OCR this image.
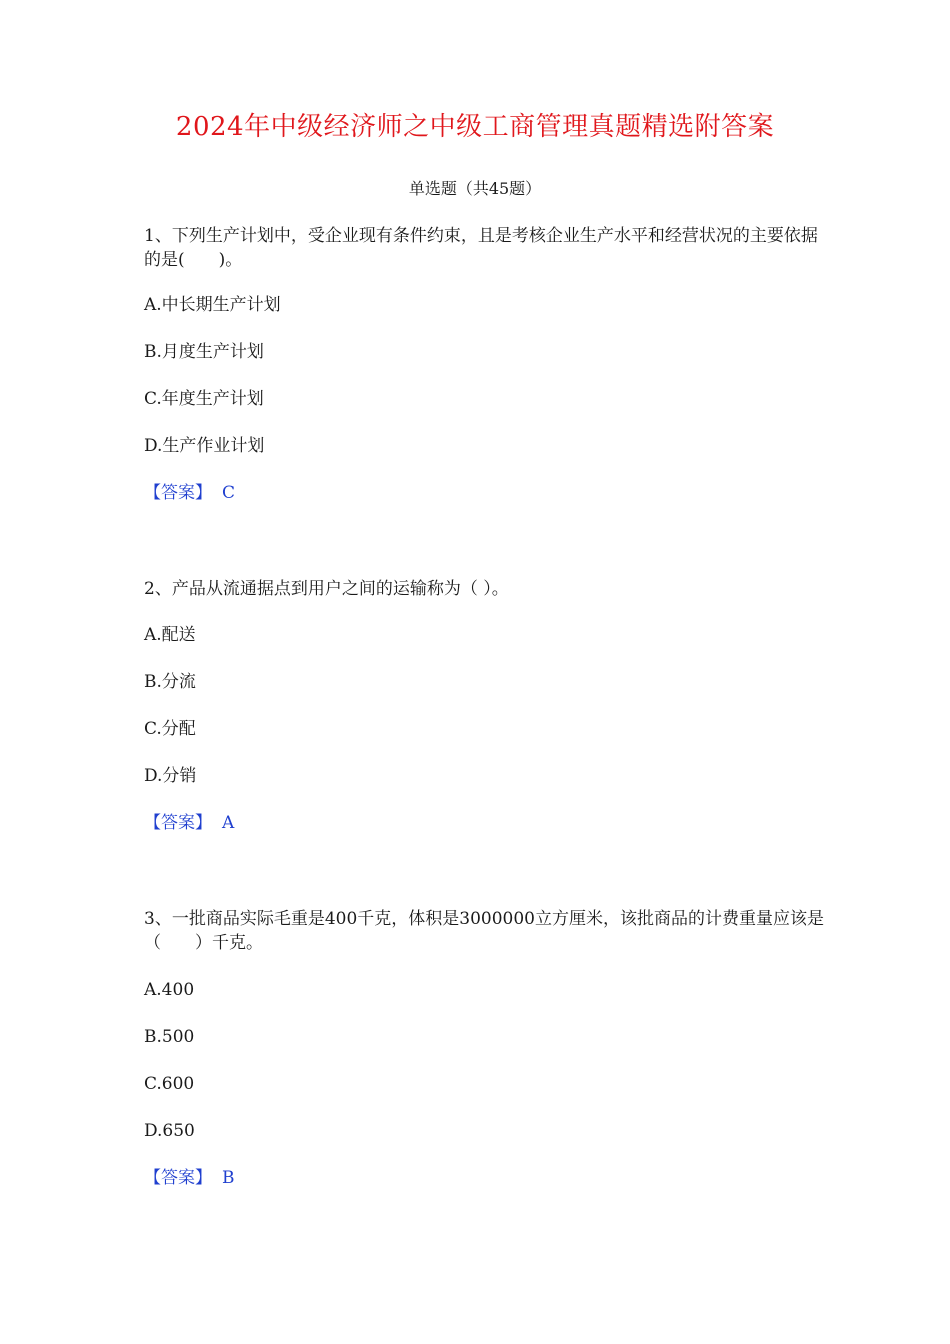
2024年中级经济师之中级工商管理真题精选附答案
单选题（共45题）
1、下列生产计划中，受企业现有条件约束，且是考核企业生产水平和经营状况的主要依据的是(　　)。
A.中长期生产计划
B.月度生产计划
C.年度生产计划
D.生产作业计划
【答案】 C
2、产品从流通据点到用户之间的运输称为（ ）。
A.配送
B.分流
C.分配
D.分销
【答案】 A
3、一批商品实际毛重是400千克，体积是3000000立方厘米，该批商品的计费重量应该是（　　）千克。
A.400
B.500
C.600
D.650
【答案】 B
